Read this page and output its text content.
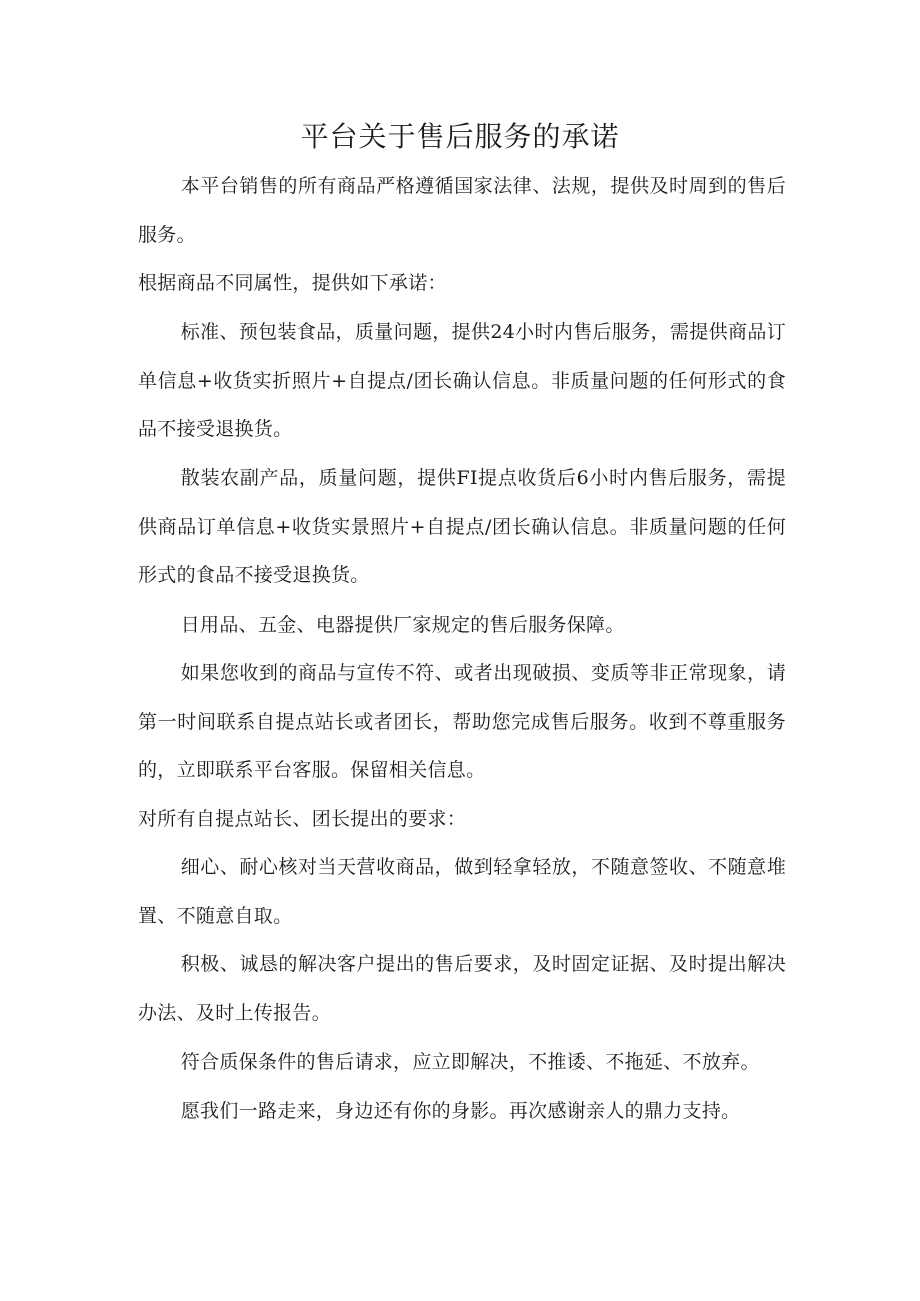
平台关于售后服务的承诺

本平台销售的所有商品严格遵循国家法律、法规，提供及时周到的售后服务。

根据商品不同属性，提供如下承诺：

标准、预包装食品，质量问题，提供24小时内售后服务，需提供商品订单信息+收货实折照片+自提点/团长确认信息。非质量问题的任何形式的食品不接受退换货。

散装农副产品，质量问题，提供FI提点收货后6小时内售后服务，需提供商品订单信息+收货实景照片+自提点/团长确认信息。非质量问题的任何形式的食品不接受退换货。

日用品、五金、电器提供厂家规定的售后服务保障。

如果您收到的商品与宣传不符、或者出现破损、变质等非正常现象，请第一时间联系自提点站长或者团长，帮助您完成售后服务。收到不尊重服务的，立即联系平台客服。保留相关信息。

对所有自提点站长、团长提出的要求：

细心、耐心核对当天营收商品，做到轻拿轻放，不随意签收、不随意堆置、不随意自取。

积极、诚恳的解决客户提出的售后要求，及时固定证据、及时提出解决办法、及时上传报告。

符合质保条件的售后请求，应立即解决，不推诿、不拖延、不放弃。

愿我们一路走来，身边还有你的身影。再次感谢亲人的鼎力支持。
